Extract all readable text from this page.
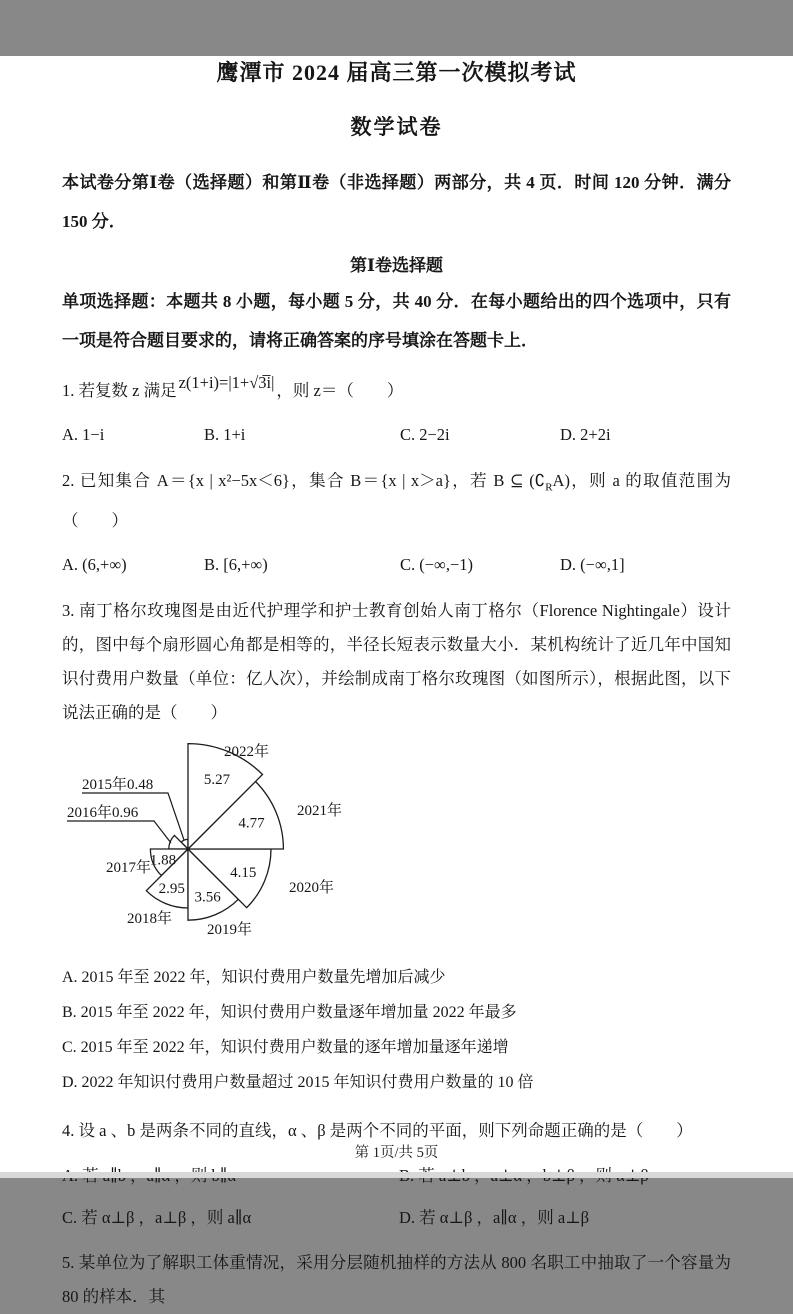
鹰潭市 2024 届高三第一次模拟考试
数学试卷

本试卷分第Ⅰ卷（选择题）和第Ⅱ卷（非选择题）两部分，共 4 页．时间 120 分钟．满分 150 分．

第Ⅰ卷选择题

单项选择题：本题共 8 小题，每小题 5 分，共 40 分．在每小题给出的四个选项中，只有一项是符合题目要求的，请将正确答案的序号填涂在答题卡上．

1. 若复数 z 满足 z(1+i)=|1+√3̅i| ，则 z＝（　　）

A. 1−i	B. 1+i	C. 2−2i	D. 2+2i

2. 已知集合 A＝{x | x²−5x＜6}，集合 B＝{x | x＞a}，若 B ⊆ $(∁_RA)$，则 a 的取值范围为（　　）

A. (6,+∞)	B. [6,+∞)	C. (−∞,−1)	D. (−∞,1]

3. 南丁格尔玫瑰图是由近代护理学和护士教育创始人南丁格尔（Florence Nightingale）设计的，图中每个扇形圆心角都是相等的，半径长短表示数量大小．某机构统计了近几年中国知识付费用户数量（单位：亿人次），并绘制成南丁格尔玫瑰图（如图所示），根据此图，以下说法正确的是（　　）

1.88
2.95
3.56
4.15
4.77
5.27
2017年
2018年
2019年
2020年
2021年
2022年
2015年0.48
2016年0.96

A. 2015 年至 2022 年，知识付费用户数量先增加后减少

B. 2015 年至 2022 年，知识付费用户数量逐年增加量 2022 年最多

C. 2015 年至 2022 年，知识付费用户数量的逐年增加量逐年递增

D. 2022 年知识付费用户数量超过 2015 年知识付费用户数量的 10 倍

4. 设 a 、b 是两条不同的直线，α 、β 是两个不同的平面，则下列命题正确的是（　　）

C. 若 α⊥β ，a⊥β ，则 a∥α	D. 若 α⊥β ，a∥α ，则 a⊥β

5. 某单位为了解职工体重情况，采用分层随机抽样的方法从 800 名职工中抽取了一个容量为 80 的样本．其

第 1页/共 5页
